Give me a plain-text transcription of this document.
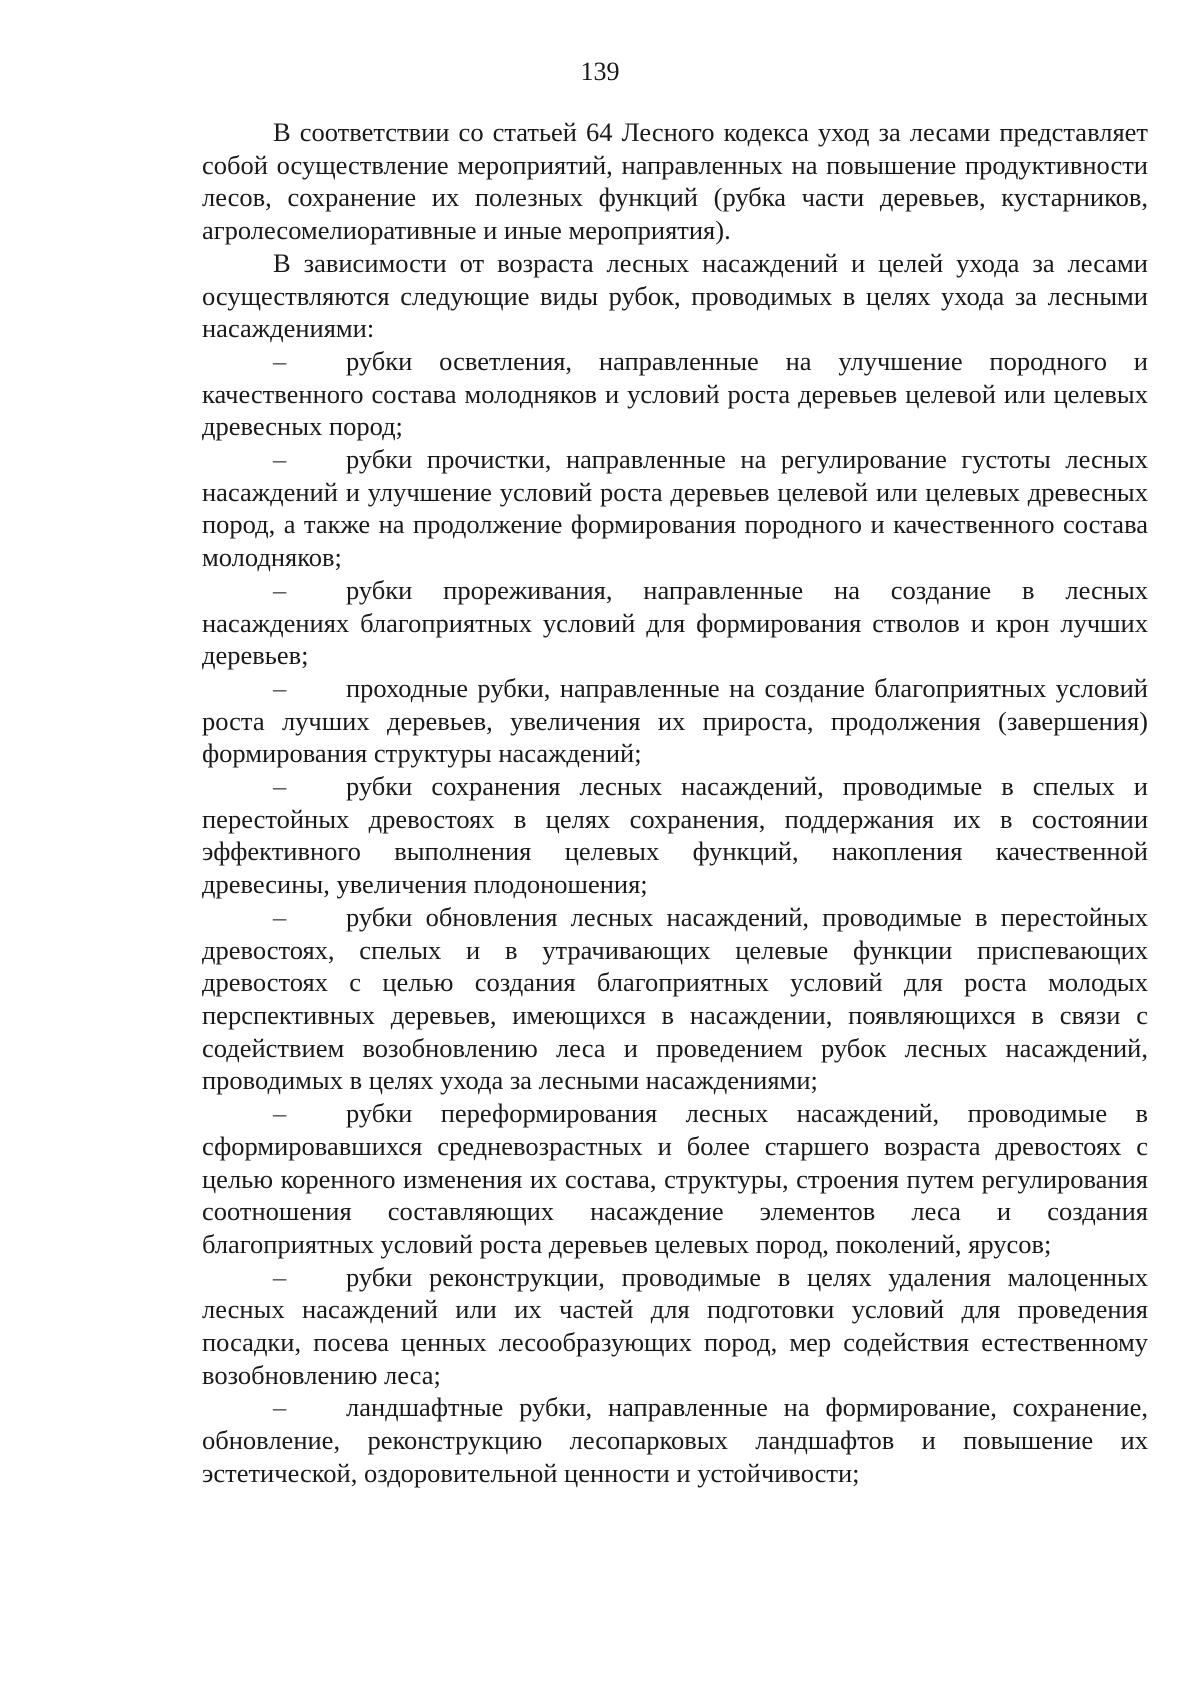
139

В соответствии со статьей 64 Лесного кодекса уход за лесами представляет собой осуществление мероприятий, направленных на повышение продуктивности лесов, сохранение их полезных функций (рубка части деревьев, кустарников, агролесомелиоративные и иные мероприятия).

В зависимости от возраста лесных насаждений и целей ухода за лесами осуществляются следующие виды рубок, проводимых в целях ухода за лесными насаждениями:

– рубки осветления, направленные на улучшение породного и качественного состава молодняков и условий роста деревьев целевой или целевых древесных пород;

– рубки прочистки, направленные на регулирование густоты лесных насаждений и улучшение условий роста деревьев целевой или целевых древесных пород, а также на продолжение формирования породного и качественного состава молодняков;

– рубки прореживания, направленные на создание в лесных насаждениях благоприятных условий для формирования стволов и крон лучших деревьев;

– проходные рубки, направленные на создание благоприятных условий роста лучших деревьев, увеличения их прироста, продолжения (завершения) формирования структуры насаждений;

– рубки сохранения лесных насаждений, проводимые в спелых и перестойных древостоях в целях сохранения, поддержания их в состоянии эффективного выполнения целевых функций, накопления качественной древесины, увеличения плодоношения;

– рубки обновления лесных насаждений, проводимые в перестойных древостоях, спелых и в утрачивающих целевые функции приспевающих древостоях с целью создания благоприятных условий для роста молодых перспективных деревьев, имеющихся в насаждении, появляющихся в связи с содействием возобновлению леса и проведением рубок лесных насаждений, проводимых в целях ухода за лесными насаждениями;

– рубки переформирования лесных насаждений, проводимые в сформировавшихся средневозрастных и более старшего возраста древостоях с целью коренного изменения их состава, структуры, строения путем регулирования соотношения составляющих насаждение элементов леса и создания благоприятных условий роста деревьев целевых пород, поколений, ярусов;

– рубки реконструкции, проводимые в целях удаления малоценных лесных насаждений или их частей для подготовки условий для проведения посадки, посева ценных лесообразующих пород, мер содействия естественному возобновлению леса;

– ландшафтные рубки, направленные на формирование, сохранение, обновление, реконструкцию лесопарковых ландшафтов и повышение их эстетической, оздоровительной ценности и устойчивости;
